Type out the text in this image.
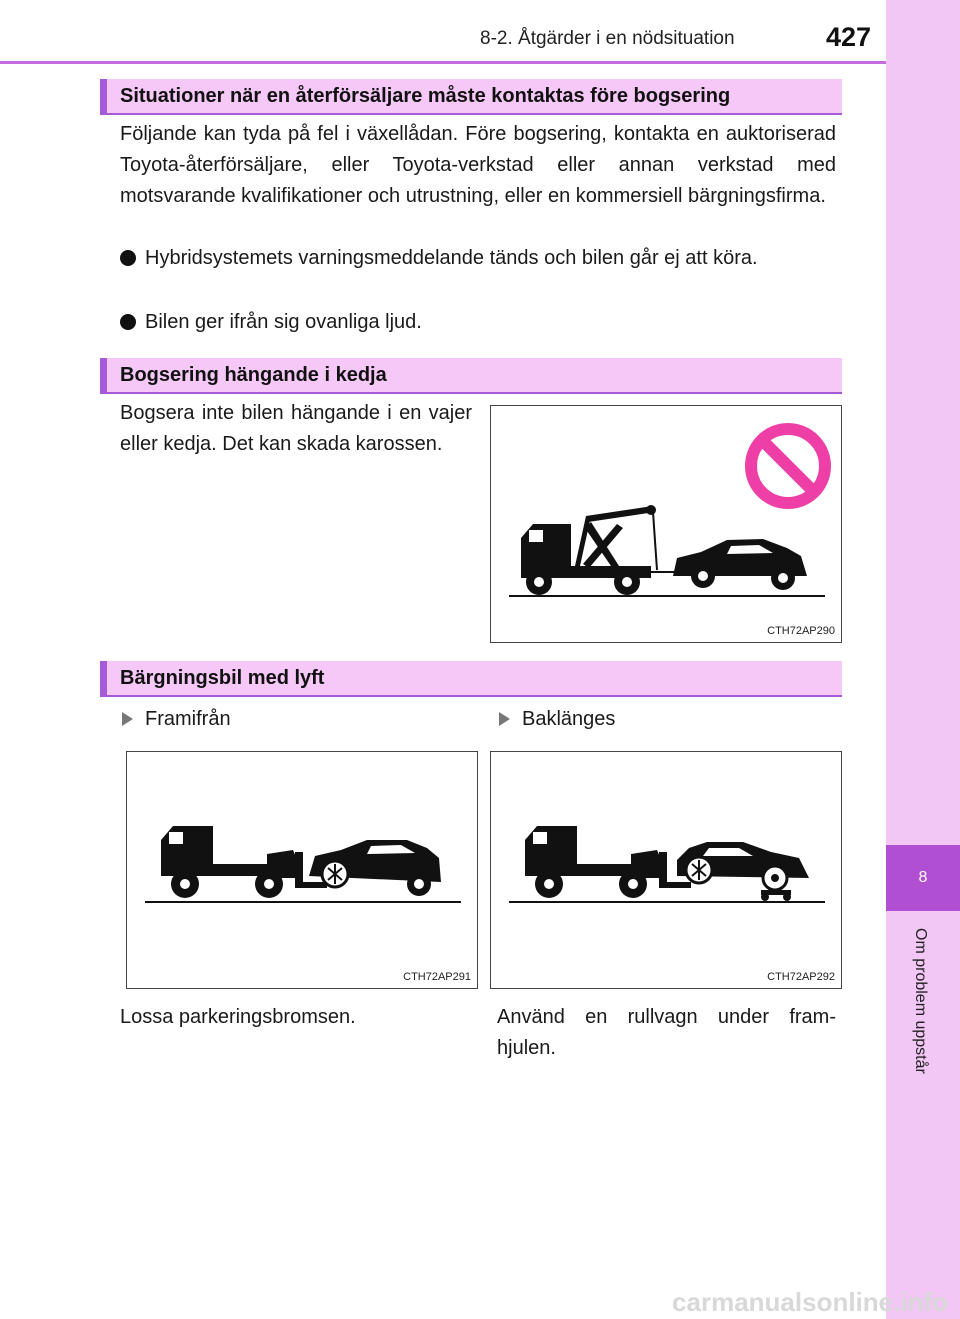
8-2. Åtgärder i en nödsituation	427
8
Om problem uppstår
Situationer när en återförsäljare måste kontaktas före bogsering
Följande kan tyda på fel i växellådan. Före bogsering, kontakta en auktoriserad Toyota-återförsäljare, eller Toyota-verkstad eller annan verkstad med motsvarande kvalifikationer och utrustning, eller en kommersiell bärgningsfirma.
Hybridsystemets varningsmeddelande tänds och bilen går ej att köra.
Bilen ger ifrån sig ovanliga ljud.
Bogsering hängande i kedja
Bogsera inte bilen hängande i en vajer eller kedja. Det kan skada karossen.
CTH72AP290
Bärgningsbil med lyft
Framifrån	Baklänges
CTH72AP291	CTH72AP292
Lossa parkeringsbromsen.	Använd en rullvagn under fram-hjulen.
carmanualsonline.info
